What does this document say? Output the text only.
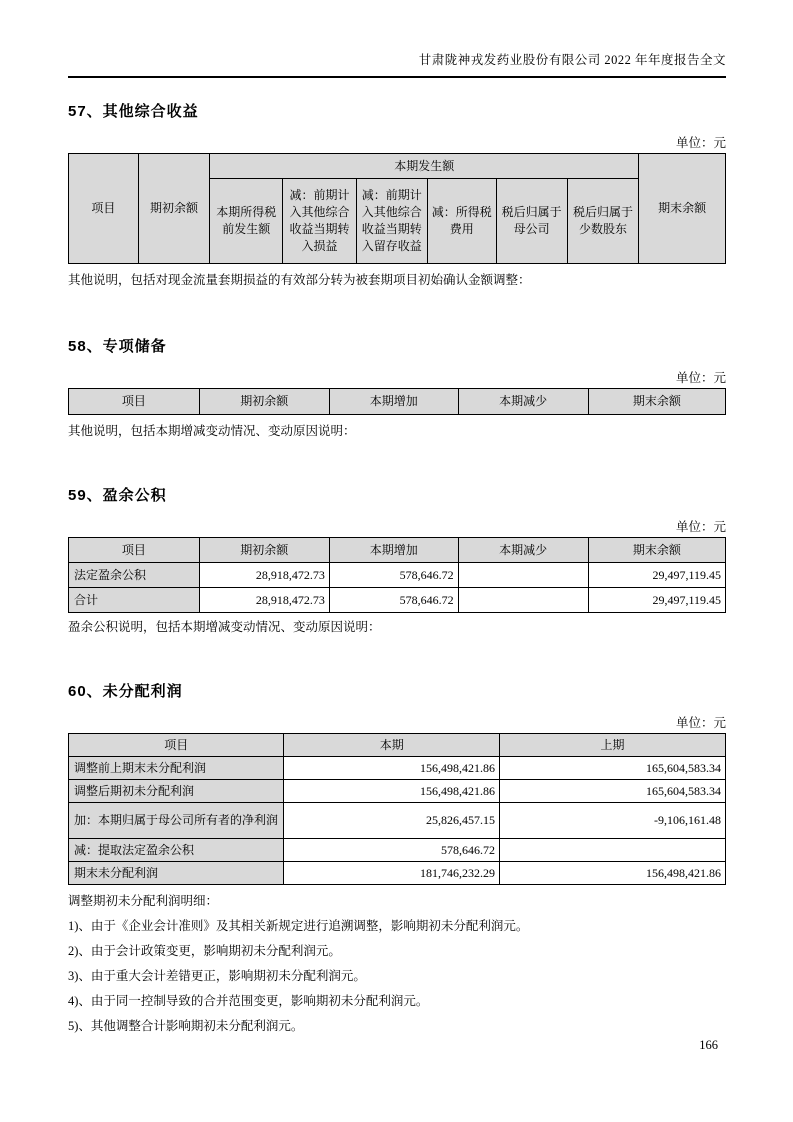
甘肃陇神戎发药业股份有限公司 2022 年年度报告全文
57、其他综合收益
单位：元
项目	期初余额	本期发生额						期末余额
		本期所得税前发生额	减：前期计入其他综合收益当期转入损益	减：前期计入其他综合收益当期转入留存收益	减：所得税费用	税后归属于母公司	税后归属于少数股东	
其他说明，包括对现金流量套期损益的有效部分转为被套期项目初始确认金额调整：
58、专项储备
单位：元
项目	期初余额	本期增加	本期减少	期末余额
其他说明，包括本期增减变动情况、变动原因说明：
59、盈余公积
单位：元
项目	期初余额	本期增加	本期减少	期末余额
法定盈余公积	28,918,472.73	578,646.72		29,497,119.45
合计	28,918,472.73	578,646.72		29,497,119.45
盈余公积说明，包括本期增减变动情况、变动原因说明：
60、未分配利润
单位：元
项目	本期	上期
调整前上期末未分配利润	156,498,421.86	165,604,583.34
调整后期初未分配利润	156,498,421.86	165,604,583.34
加：本期归属于母公司所有者的净利润	25,826,457.15	-9,106,161.48
减：提取法定盈余公积	578,646.72	
期末未分配利润	181,746,232.29	156,498,421.86
调整期初未分配利润明细：
1)、由于《企业会计准则》及其相关新规定进行追溯调整，影响期初未分配利润元。
2)、由于会计政策变更，影响期初未分配利润元。
3)、由于重大会计差错更正，影响期初未分配利润元。
4)、由于同一控制导致的合并范围变更，影响期初未分配利润元。
5)、其他调整合计影响期初未分配利润元。
166
